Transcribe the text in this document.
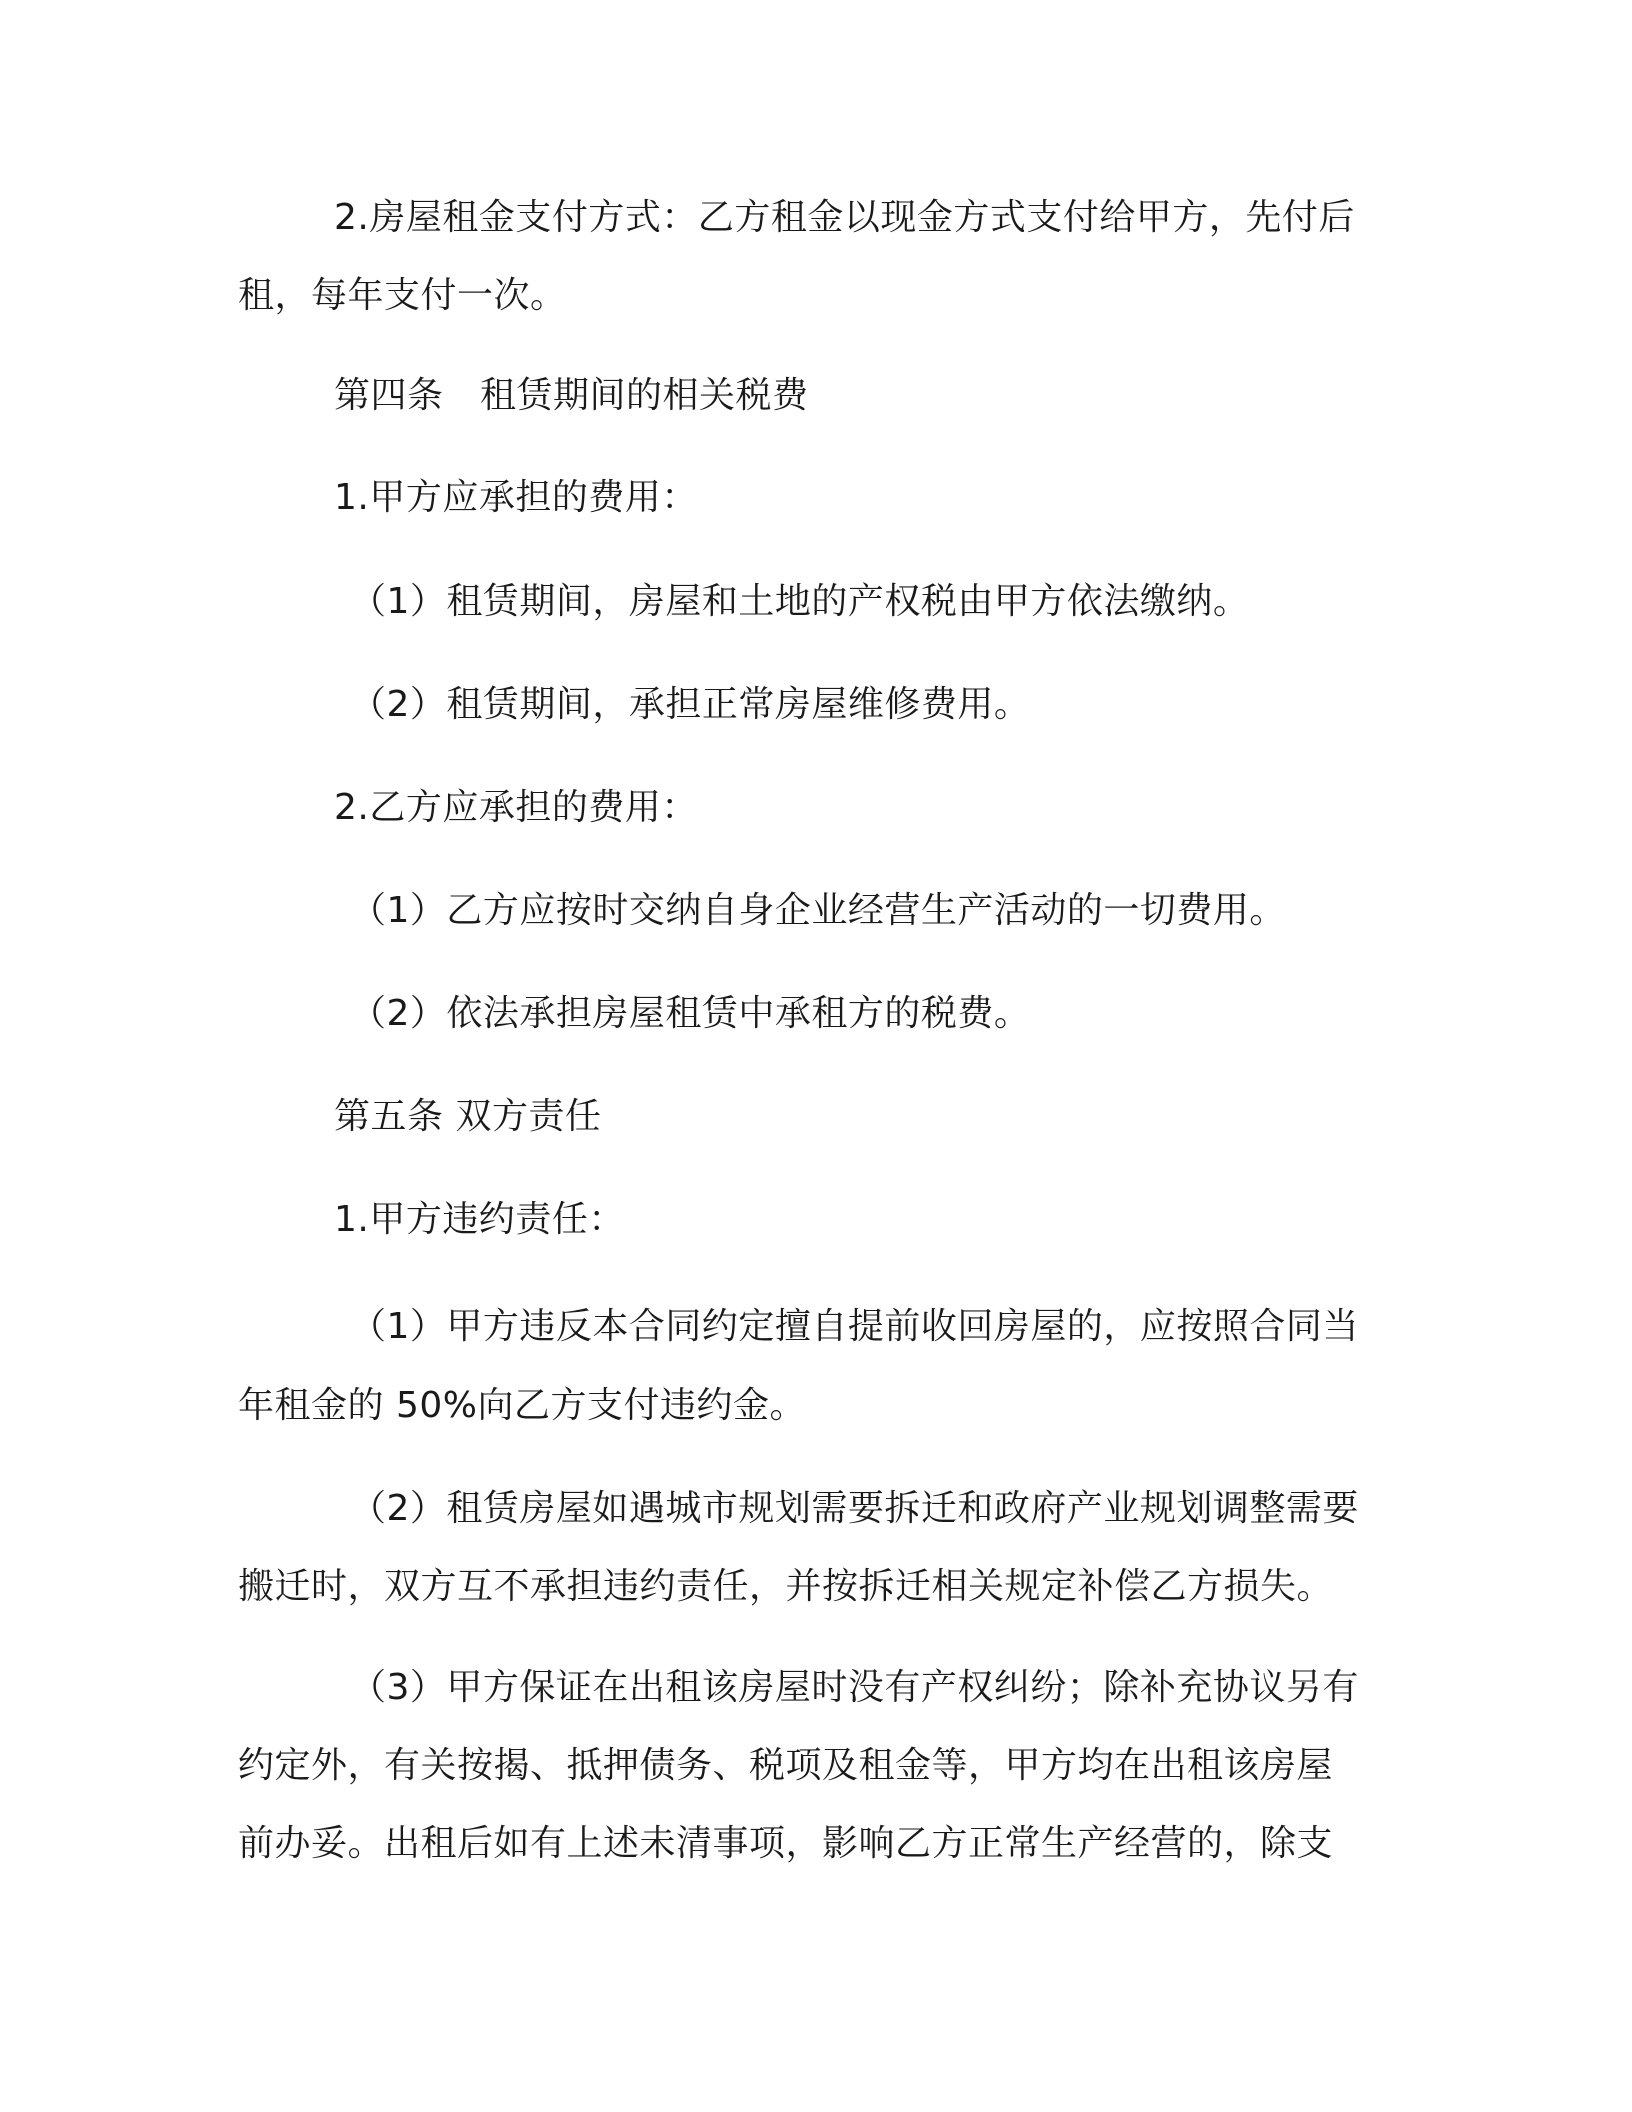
2.房屋租金支付方式：乙方租金以现金方式支付给甲方，先付后
租，每年支付一次。
第四条　租赁期间的相关税费
1.甲方应承担的费用：
（1）租赁期间，房屋和土地的产权税由甲方依法缴纳。
（2）租赁期间，承担正常房屋维修费用。
2.乙方应承担的费用：
（1）乙方应按时交纳自身企业经营生产活动的一切费用。
（2）依法承担房屋租赁中承租方的税费。
第五条 双方责任
1.甲方违约责任：
（1）甲方违反本合同约定擅自提前收回房屋的，应按照合同当
年租金的 50%向乙方支付违约金。
（2）租赁房屋如遇城市规划需要拆迁和政府产业规划调整需要
搬迁时，双方互不承担违约责任，并按拆迁相关规定补偿乙方损失。
（3）甲方保证在出租该房屋时没有产权纠纷；除补充协议另有
约定外，有关按揭、抵押债务、税项及租金等，甲方均在出租该房屋
前办妥。出租后如有上述未清事项，影响乙方正常生产经营的，除支
